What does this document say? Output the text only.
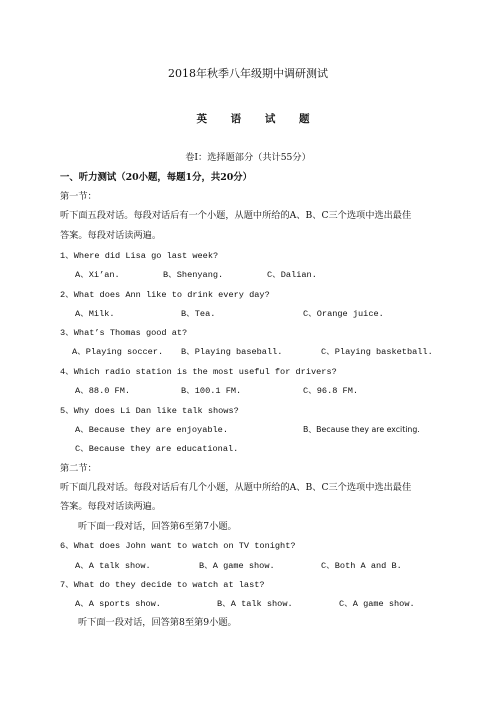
2018年秋季八年级期中调研测试
英 语 试 题
卷Ⅰ：选择题部分（共计55分）
一、听力测试（20小题，每题1分，共20分）
第一节：
听下面五段对话。每段对话后有一个小题，从题中所给的A、B、C三个选项中选出最佳
答案。每段对话读两遍。
1、Where did Lisa go last week?
A、Xi’an.	B、Shenyang.	C、Dalian.
2、What does Ann like to drink every day?
A、Milk.	B、Tea.	C、Orange juice.
3、What’s Thomas good at?
A、Playing soccer. B、Playing baseball.	C、Playing basketball.
4、Which radio station is the most useful for drivers?
A、88.0 FM.	B、100.1 FM.	C、96.8 FM.
5、Why does Li Dan like talk shows?
A、Because they are enjoyable.	B、Because they are exciting.
C、Because they are educational.
第二节：
听下面几段对话。每段对话后有几个小题，从题中所给的A、B、C三个选项中选出最佳
答案。每段对话读两遍。
听下面一段对话，回答第6至第7小题。
6、What does John want to watch on TV tonight?
A、A talk show.	B、A game show.	C、Both A and B.
7、What do they decide to watch at last?
A、A sports show.	B、A talk show.	C、A game show.
听下面一段对话，回答第8至第9小题。
